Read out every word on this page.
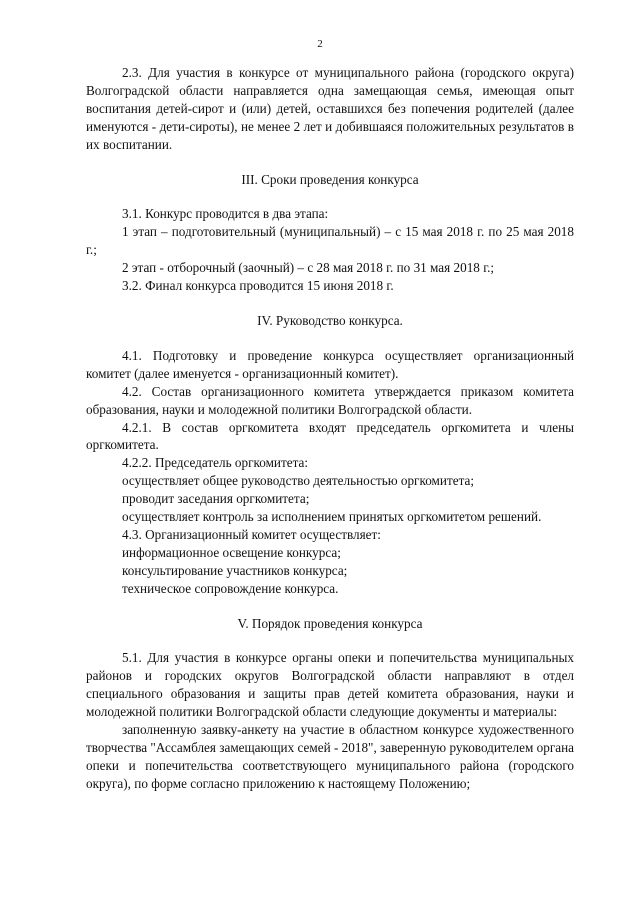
2

2.3. Для участия в конкурсе от муниципального района (городского округа) Волгоградской области направляется одна замещающая семья, имеющая опыт воспитания детей-сирот и (или) детей, оставшихся без попечения родителей (далее именуются - дети-сироты), не менее 2 лет и добившаяся положительных результатов в их воспитании.

III. Сроки проведения конкурса

3.1. Конкурс проводится в два этапа:

1 этап – подготовительный (муниципальный) – с 15 мая 2018 г. по 25 мая 2018 г.;

2 этап - отборочный (заочный) – с 28 мая 2018 г. по 31 мая 2018 г.;

3.2. Финал конкурса проводится 15 июня 2018 г.

IV. Руководство конкурса.

4.1. Подготовку и проведение конкурса осуществляет организационный комитет (далее именуется - организационный комитет).

4.2. Состав организационного комитета утверждается приказом комитета образования, науки и молодежной политики Волгоградской области.

4.2.1. В состав оргкомитета входят председатель оргкомитета и члены оргкомитета.

4.2.2. Председатель оргкомитета:

осуществляет общее руководство деятельностью оргкомитета;

проводит заседания оргкомитета;

осуществляет контроль за исполнением принятых оргкомитетом решений.

4.3. Организационный комитет осуществляет:

информационное освещение конкурса;

консультирование участников конкурса;

техническое сопровождение конкурса.

V. Порядок проведения конкурса

5.1. Для участия в конкурсе органы опеки и попечительства муниципальных районов и городских округов Волгоградской области направляют в отдел специального образования и защиты прав детей комитета образования, науки и молодежной политики Волгоградской области следующие документы и материалы:

заполненную заявку-анкету на участие в областном конкурсе художественного творчества "Ассамблея замещающих семей - 2018", заверенную руководителем органа опеки и попечительства соответствующего муниципального района (городского округа), по форме согласно приложению к настоящему Положению;
